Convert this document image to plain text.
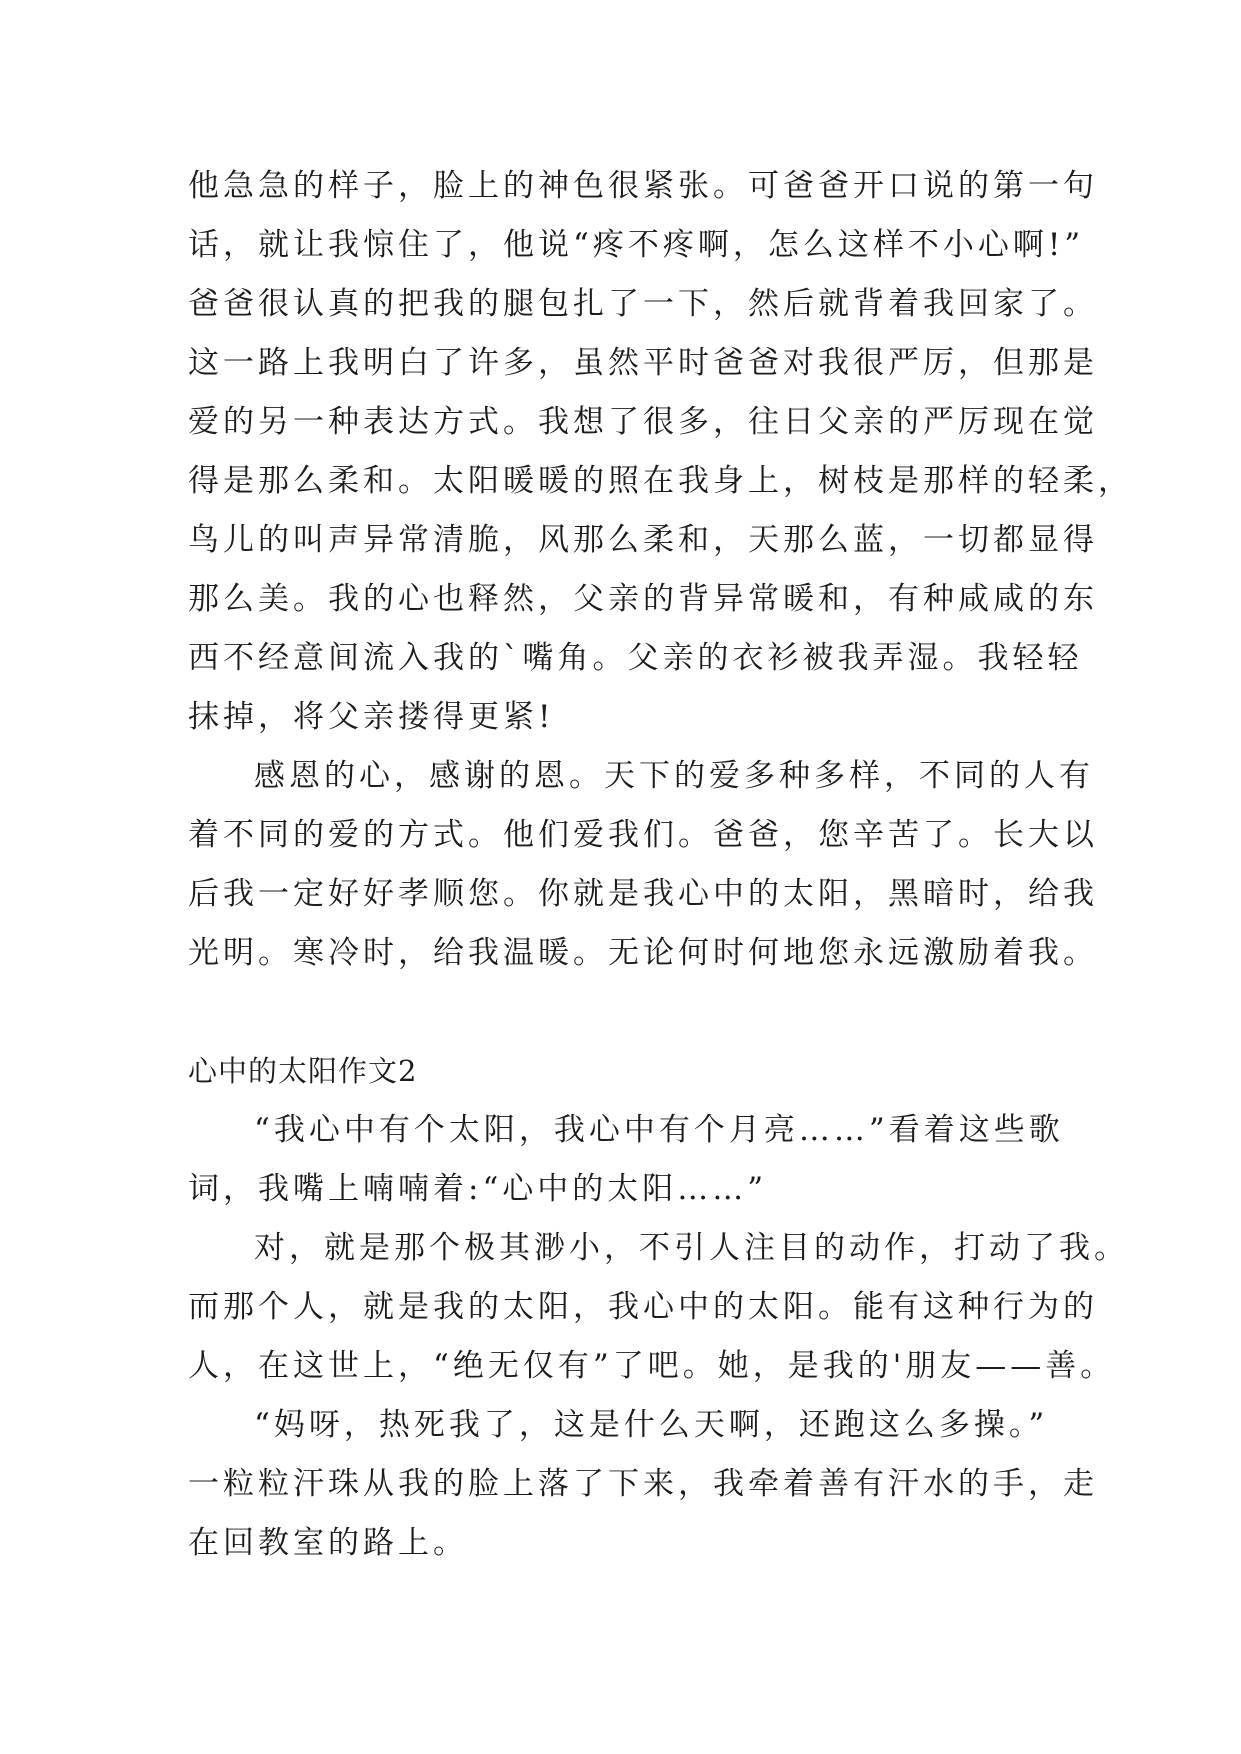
他急急的样子，脸上的神色很紧张。可爸爸开口说的第一句
话，就让我惊住了，他说“疼不疼啊，怎么这样不小心啊!”
爸爸很认真的把我的腿包扎了一下，然后就背着我回家了。
这一路上我明白了许多，虽然平时爸爸对我很严厉，但那是
爱的另一种表达方式。我想了很多，往日父亲的严厉现在觉
得是那么柔和。太阳暖暖的照在我身上，树枝是那样的轻柔，
鸟儿的叫声异常清脆，风那么柔和，天那么蓝，一切都显得
那么美。我的心也释然，父亲的背异常暖和，有种咸咸的东
西不经意间流入我的`嘴角。父亲的衣衫被我弄湿。我轻轻
抹掉，将父亲搂得更紧!
感恩的心，感谢的恩。天下的爱多种多样，不同的人有
着不同的爱的方式。他们爱我们。爸爸，您辛苦了。长大以
后我一定好好孝顺您。你就是我心中的太阳，黑暗时，给我
光明。寒冷时，给我温暖。无论何时何地您永远激励着我。
心中的太阳作文2
“我心中有个太阳，我心中有个月亮……”看着这些歌
词，我嘴上喃喃着:“心中的太阳……”
对，就是那个极其渺小，不引人注目的动作，打动了我。
而那个人，就是我的太阳，我心中的太阳。能有这种行为的
人，在这世上，“绝无仅有”了吧。她，是我的'朋友——善。
“妈呀，热死我了，这是什么天啊，还跑这么多操。”
一粒粒汗珠从我的脸上落了下来，我牵着善有汗水的手，走
在回教室的路上。
